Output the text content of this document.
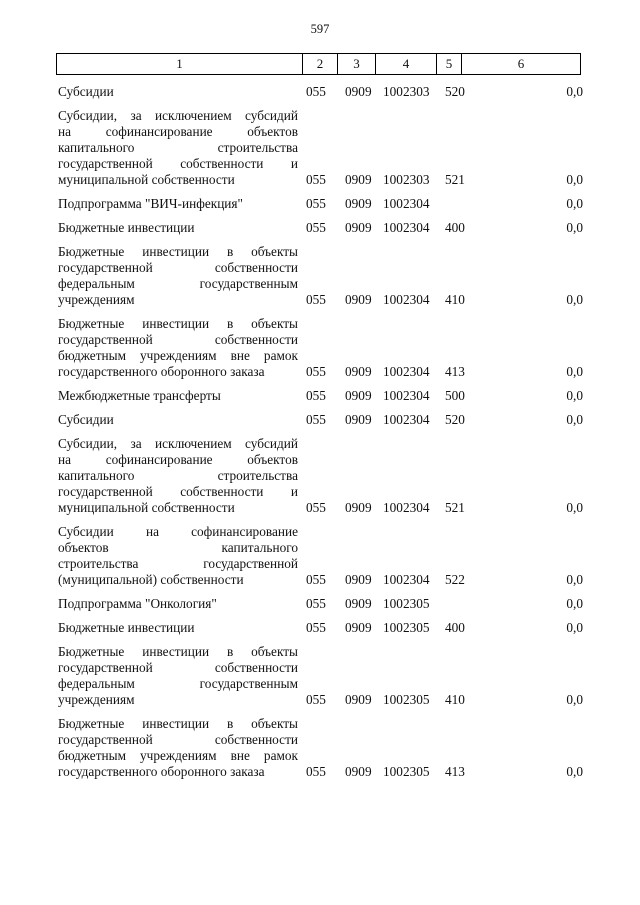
597
1	2	3	4	5	6
Субсидии	055 0909 1002303 520	0,0
Субсидии, за исключением субсидий
на софинансирование объектов
капитального строительства
государственной собственности и
муниципальной собственности	055 0909 1002303 521	0,0
Подпрограмма "ВИЧ-инфекция"	055 0909 1002304	0,0
Бюджетные инвестиции	055 0909 1002304 400	0,0
Бюджетные инвестиции в объекты
государственной собственности
федеральным государственным
учреждениям	055 0909 1002304 410	0,0
Бюджетные инвестиции в объекты
государственной собственности
бюджетным учреждениям вне рамок
государственного оборонного заказа	055 0909 1002304 413	0,0
Межбюджетные трансферты	055 0909 1002304 500	0,0
Субсидии	055 0909 1002304 520	0,0
Субсидии, за исключением субсидий
на софинансирование объектов
капитального строительства
государственной собственности и
муниципальной собственности	055 0909 1002304 521	0,0
Субсидии на софинансирование
объектов капитального
строительства государственной
(муниципальной) собственности	055 0909 1002304 522	0,0
Подпрограмма "Онкология"	055 0909 1002305	0,0
Бюджетные инвестиции	055 0909 1002305 400	0,0
Бюджетные инвестиции в объекты
государственной собственности
федеральным государственным
учреждениям	055 0909 1002305 410	0,0
Бюджетные инвестиции в объекты
государственной собственности
бюджетным учреждениям вне рамок
государственного оборонного заказа	055 0909 1002305 413	0,0
